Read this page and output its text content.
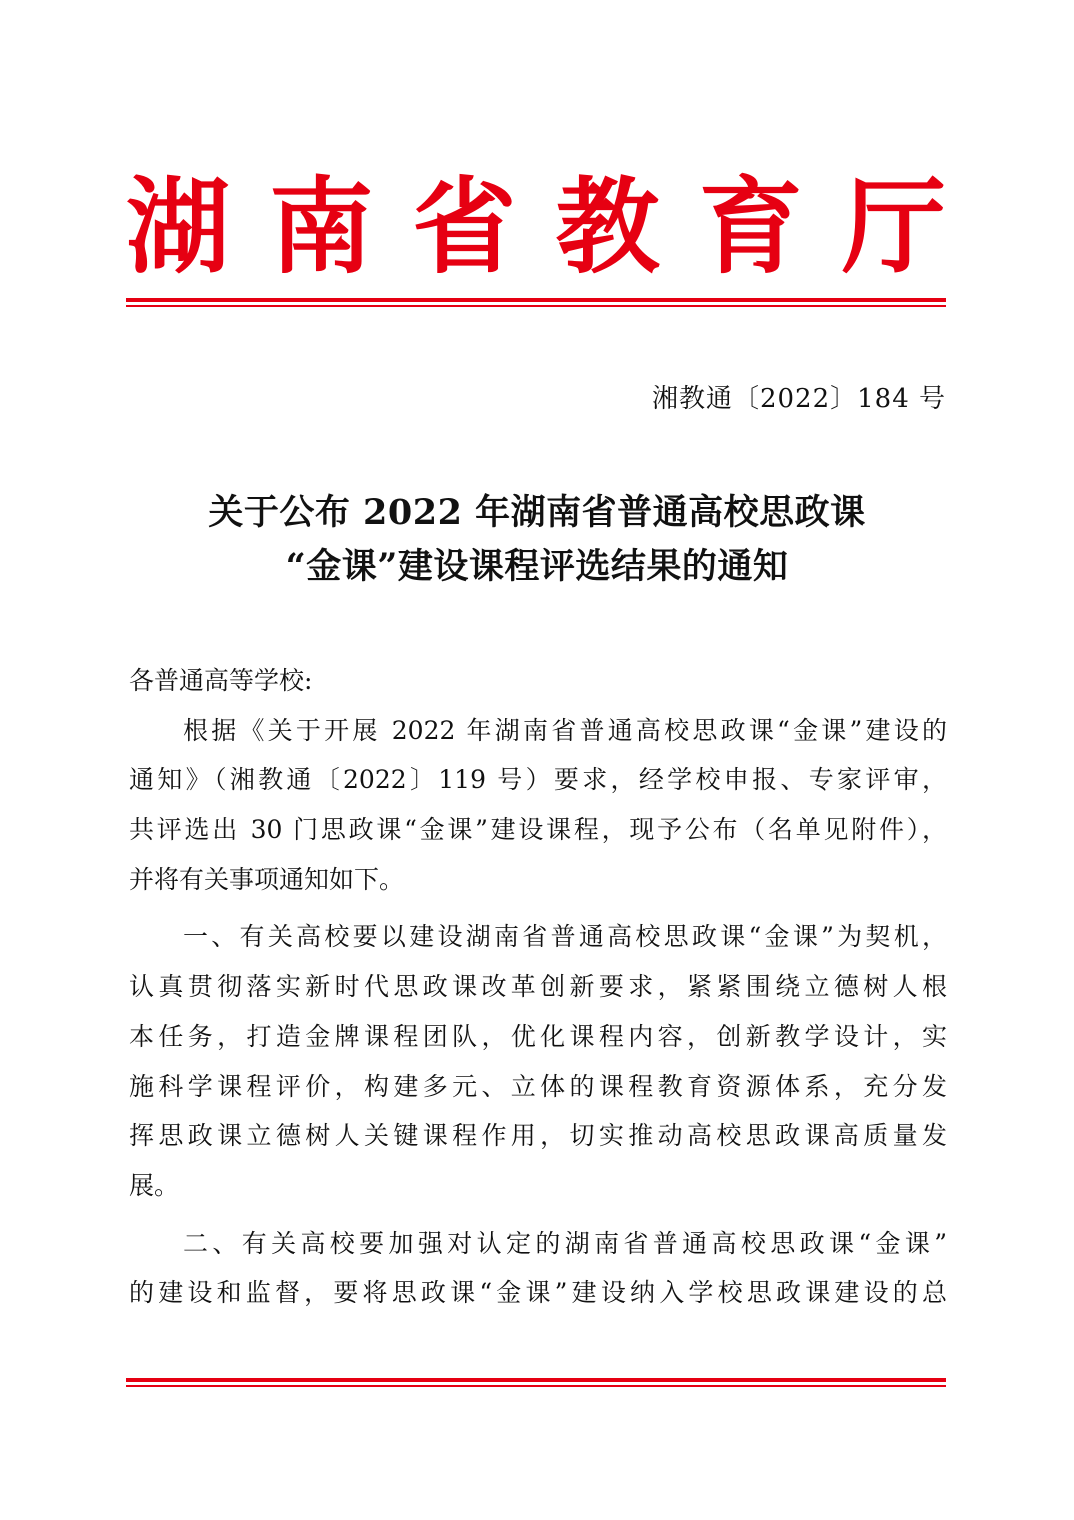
湖 南 省 教 育 厅
湘教通〔2022〕184 号
关于公布 2022 年湖南省普通高校思政课
“金课”建设课程评选结果的通知
各普通高等学校:
根据《关于开展 2022 年湖南省普通高校思政课“金课”建设的
通知》（湘教通〔2022〕119 号）要求，经学校申报、专家评审，
共评选出 30 门思政课“金课”建设课程，现予公布（名单见附件），
并将有关事项通知如下。
一、有关高校要以建设湖南省普通高校思政课“金课”为契机，
认真贯彻落实新时代思政课改革创新要求，紧紧围绕立德树人根
本任务，打造金牌课程团队，优化课程内容，创新教学设计，实
施科学课程评价，构建多元、立体的课程教育资源体系，充分发
挥思政课立德树人关键课程作用，切实推动高校思政课高质量发
展。
二、有关高校要加强对认定的湖南省普通高校思政课“金课”
的建设和监督，要将思政课“金课”建设纳入学校思政课建设的总
